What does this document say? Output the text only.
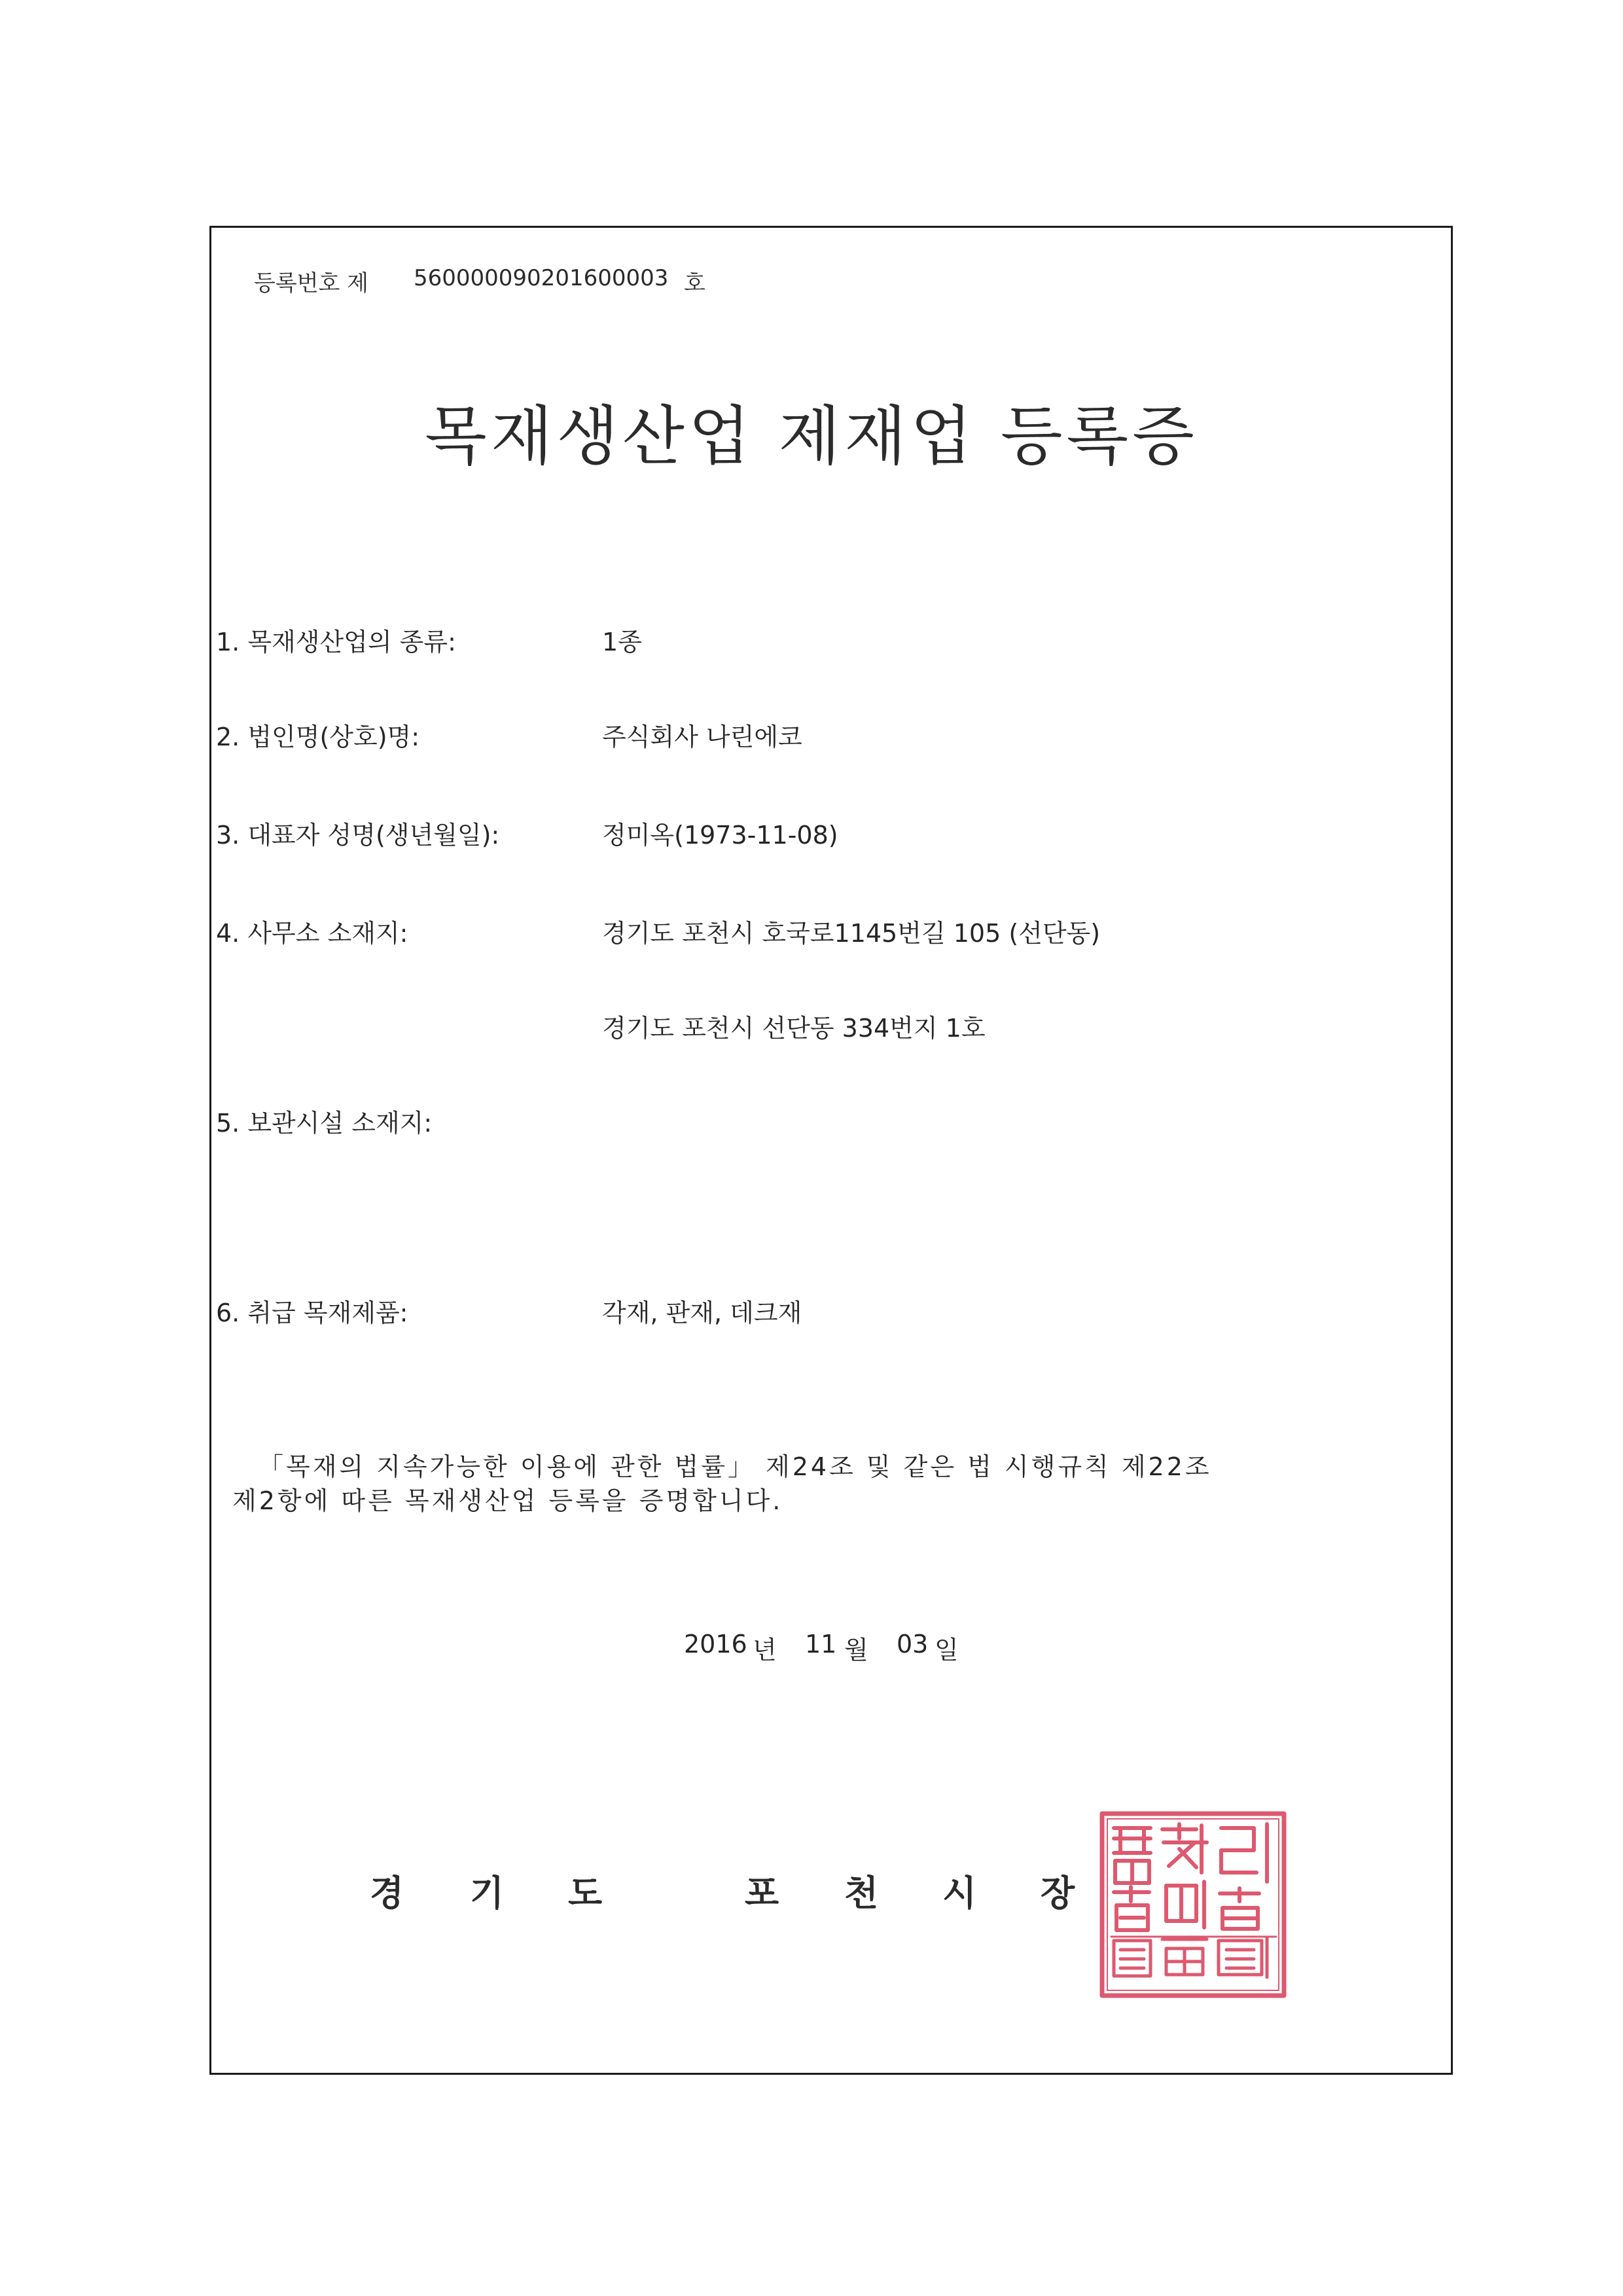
등록번호 제 560000090201600003 호
목재생산업 제재업 등록증
1. 목재생산업의 종류:	1종
2. 법인명(상호)명:	주식회사 나린에코
3. 대표자 성명(생년월일):	정미옥(1973-11-08)
4. 사무소 소재지:	경기도 포천시 호국로1145번길 105 (선단동)
경기도 포천시 선단동 334번지 1호
5. 보관시설 소재지:
6. 취급 목재제품:	각재, 판재, 데크재
「목재의 지속가능한 이용에 관한 법률」 제24조 및 같은 법 시행규칙 제22조
제2항에 따른 목재생산업 등록을 증명합니다.
2016 년 11 월 03 일
경 기 도	포 천 시 장
